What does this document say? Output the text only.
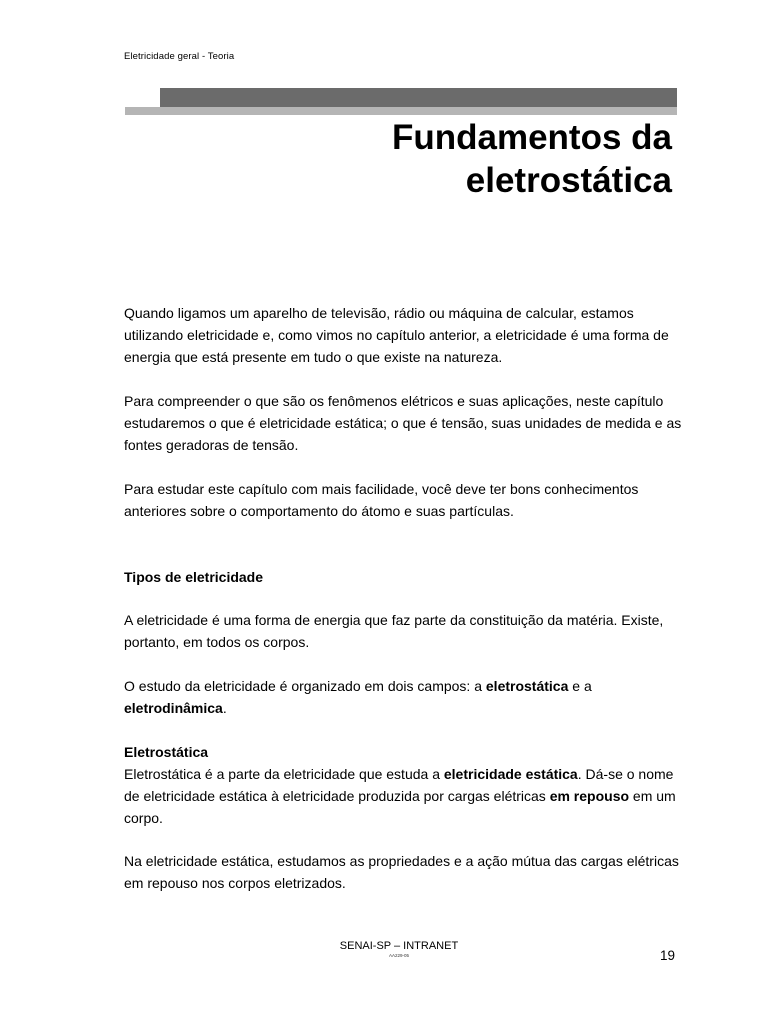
Eletricidade geral - Teoria
Fundamentos da
eletrostática

Quando ligamos um aparelho de televisão, rádio ou máquina de calcular, estamos utilizando eletricidade e, como vimos no capítulo anterior, a eletricidade é uma forma de energia que está presente em tudo o que existe na natureza.

Para compreender o que são os fenômenos elétricos e suas aplicações, neste capítulo estudaremos o que é eletricidade estática; o que é tensão, suas unidades de medida e as fontes geradoras de tensão.

Para estudar este capítulo com mais facilidade, você deve ter bons conhecimentos anteriores sobre o comportamento do átomo e suas partículas.

Tipos de eletricidade

A eletricidade é uma forma de energia que faz parte da constituição da matéria. Existe, portanto, em todos os corpos.

O estudo da eletricidade é organizado em dois campos: a eletrostática e a eletrodinâmica.

Eletrostática

Eletrostática é a parte da eletricidade que estuda a eletricidade estática. Dá-se o nome de eletricidade estática à eletricidade produzida por cargas elétricas em repouso em um corpo.

Na eletricidade estática, estudamos as propriedades e a ação mútua das cargas elétricas em repouso nos corpos eletrizados.

SENAI-SP – INTRANET
AA229-05	19
